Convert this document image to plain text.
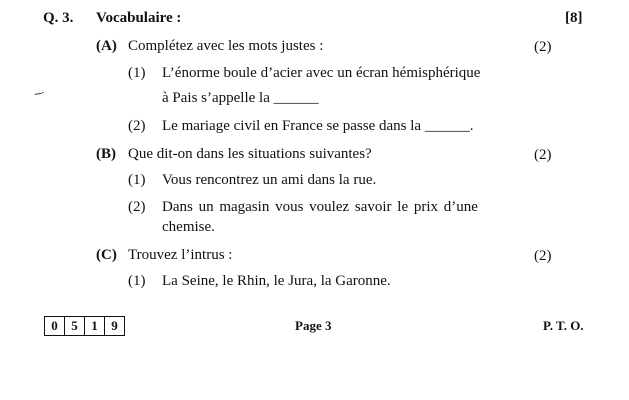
Q. 3. Vocabulaire :	[8]
(A) Complétez avec les mots justes :	(2)
(1) L’énorme boule d’acier avec un écran hémisphérique
à Pais s’appelle la ______
(2) Le mariage civil en France se passe dans la ______.
(B) Que dit-on dans les situations suivantes?	(2)
(1) Vous rencontrez un ami dans la rue.
(2) Dans un magasin vous voulez savoir le prix d’une
chemise.
(C) Trouvez l’intrus :	(2)
(1) La Seine, le Rhin, le Jura, la Garonne.
0	5	1	9	Page 3	P. T. O.
